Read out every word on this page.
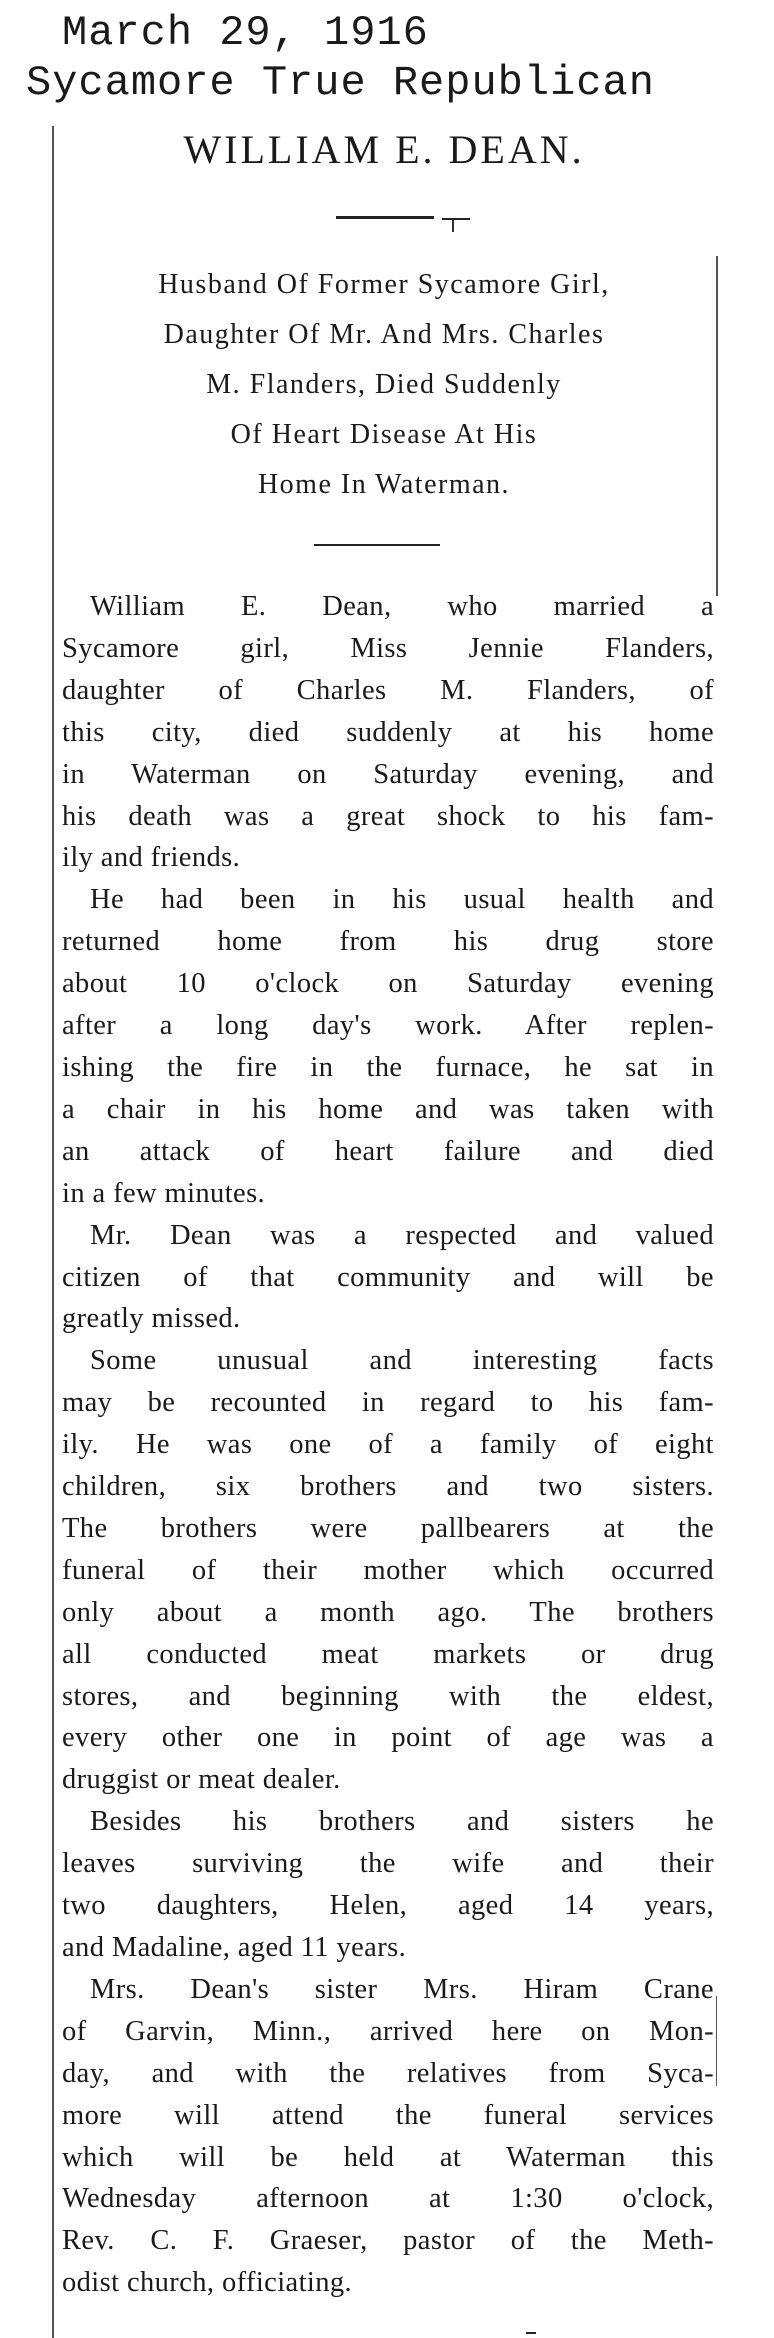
March 29, 1916
Sycamore True Republican
WILLIAM E. DEAN.
Husband Of Former Sycamore Girl,
Daughter Of Mr. And Mrs. Charles
M. Flanders, Died Suddenly
Of Heart Disease At His
Home In Waterman.

William E. Dean, who married a

Sycamore girl, Miss Jennie Flanders,

daughter of Charles M. Flanders, of

this city, died suddenly at his home

in Waterman on Saturday evening, and

his death was a great shock to his fam-

ily and friends.

He had been in his usual health and

returned home from his drug store

about 10 o'clock on Saturday evening

after a long day's work. After replen-

ishing the fire in the furnace, he sat in

a chair in his home and was taken with

an attack of heart failure and died

in a few minutes.

Mr. Dean was a respected and valued

citizen of that community and will be

greatly missed.

Some unusual and interesting facts

may be recounted in regard to his fam-

ily. He was one of a family of eight

children, six brothers and two sisters.

The brothers were pallbearers at the

funeral of their mother which occurred

only about a month ago. The brothers

all conducted meat markets or drug

stores, and beginning with the eldest,

every other one in point of age was a

druggist or meat dealer.

Besides his brothers and sisters he

leaves surviving the wife and their

two daughters, Helen, aged 14 years,

and Madaline, aged 11 years.

Mrs. Dean's sister Mrs. Hiram Crane

of Garvin, Minn., arrived here on Mon-

day, and with the relatives from Syca-

more will attend the funeral services

which will be held at Waterman this

Wednesday afternoon at 1:30 o'clock,

Rev. C. F. Graeser, pastor of the Meth-

odist church, officiating.
